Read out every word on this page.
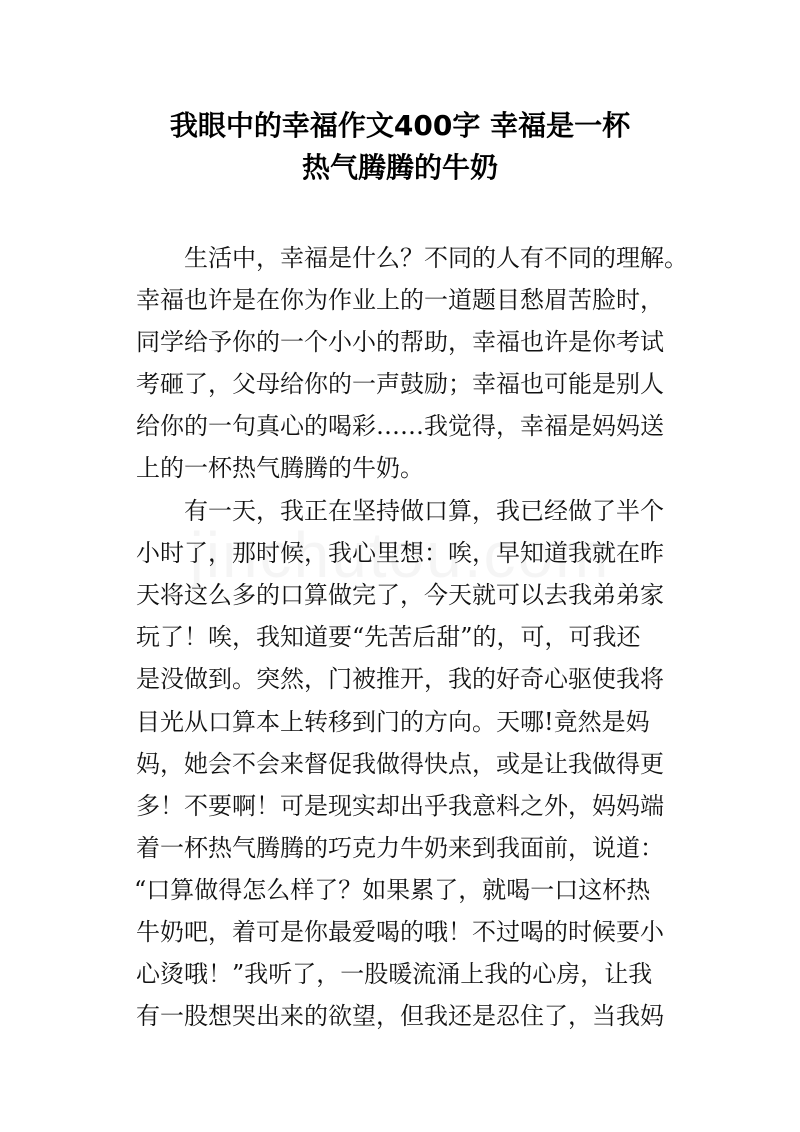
我眼中的幸福作文400字 幸福是一杯
热气腾腾的牛奶
生活中，幸福是什么？不同的人有不同的理解。
幸福也许是在你为作业上的一道题目愁眉苦脸时，
同学给予你的一个小小的帮助，幸福也许是你考试
考砸了，父母给你的一声鼓励；幸福也可能是别人
给你的一句真心的喝彩……我觉得，幸福是妈妈送
上的一杯热气腾腾的牛奶。
有一天，我正在坚持做口算，我已经做了半个
小时了，那时候，我心里想：唉，早知道我就在昨
天将这么多的口算做完了，今天就可以去我弟弟家
玩了！唉，我知道要“先苦后甜”的，可，可我还
是没做到。突然，门被推开，我的好奇心驱使我将
目光从口算本上转移到门的方向。天哪!竟然是妈
妈，她会不会来督促我做得快点，或是让我做得更
多！不要啊！可是现实却出乎我意料之外，妈妈端
着一杯热气腾腾的巧克力牛奶来到我面前，说道：
“口算做得怎么样了？如果累了，就喝一口这杯热
牛奶吧，着可是你最爱喝的哦！不过喝的时候要小
心烫哦！”我听了，一股暖流涌上我的心房，让我
有一股想哭出来的欲望，但我还是忍住了，当我妈
